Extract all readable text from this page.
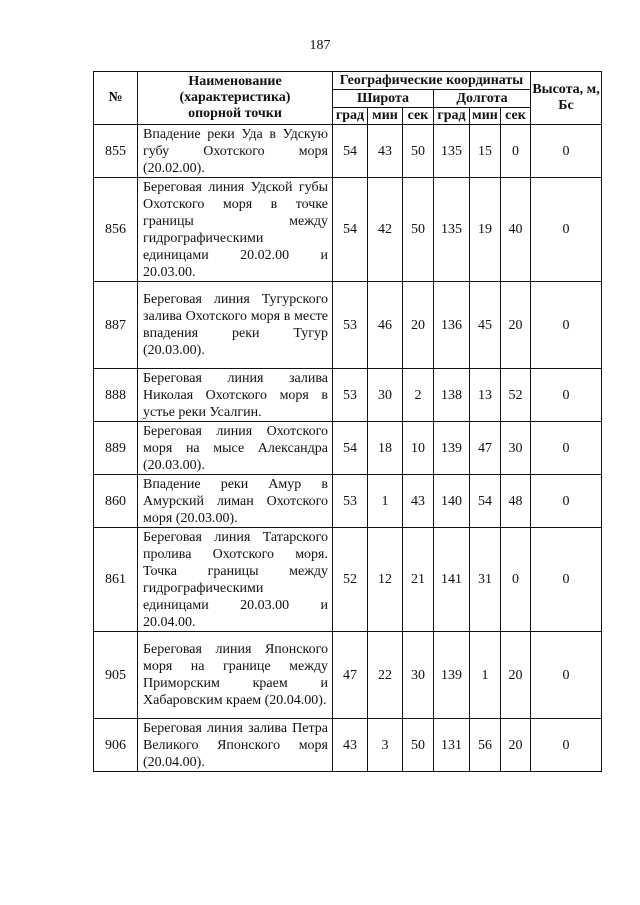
187
№	Наименование
(характеристика)
опорной точки	Географические координаты						Высота, м, Бс
		Широта			Долгота			
		град	мин	сек	град	мин	сек	
855	Впадение реки Уда в Удскую губу Охотского моря (20.02.00).	54	43	50	135	15	0	0
856	Береговая линия Удской губы Охотского моря в точке границы между гидрографическими единицами 20.02.00 и 20.03.00.	54	42	50	135	19	40	0
887	Береговая линия Тугурского залива Охотского моря в месте впадения реки Тугур (20.03.00).	53	46	20	136	45	20	0
888	Береговая линия залива Николая Охотского моря в устье реки Усалгин.	53	30	2	138	13	52	0
889	Береговая линия Охотского моря на мысе Александра (20.03.00).	54	18	10	139	47	30	0
860	Впадение реки Амур в Амурский лиман Охотского моря (20.03.00).	53	1	43	140	54	48	0
861	Береговая линия Татарского пролива Охотского моря. Точка границы между гидрографическими единицами 20.03.00 и 20.04.00.	52	12	21	141	31	0	0
905	Береговая линия Японского моря на границе между Приморским краем и Хабаровским краем (20.04.00).	47	22	30	139	1	20	0
906	Береговая линия залива Петра Великого Японского моря (20.04.00).	43	3	50	131	56	20	0
